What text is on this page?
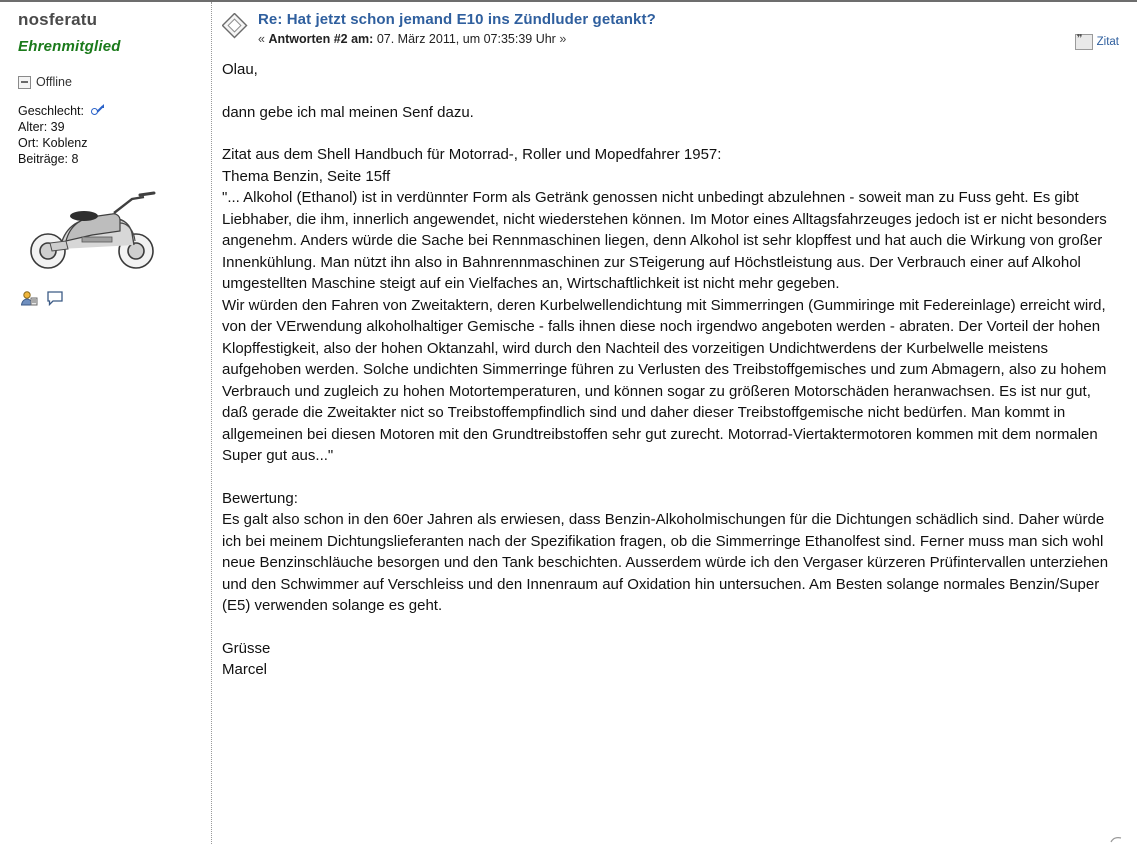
nosferatu
Ehrenmitglied
Offline
Geschlecht:
Alter: 39
Ort: Koblenz
Beiträge: 8
Re: Hat jetzt schon jemand E10 ins Zündluder getankt?
« Antworten #2 am: 07. März 2011, um 07:35:39 Uhr » ❞	Zitat

Olau,

dann gebe ich mal meinen Senf dazu.

Zitat aus dem Shell Handbuch für Motorrad-, Roller und Mopedfahrer 1957:

Thema Benzin, Seite 15ff

"... Alkohol (Ethanol) ist in verdünnter Form als Getränk genossen nicht unbedingt abzulehnen - soweit man zu Fuss geht. Es gibt Liebhaber, die ihm, innerlich angewendet, nicht wiederstehen können. Im Motor eines Alltagsfahrzeuges jedoch ist er nicht besonders angenehm. Anders würde die Sache bei Rennmaschinen liegen, denn Alkohol ist sehr klopffest und hat auch die Wirkung von großer Innenkühlung. Man nützt ihn also in Bahnrennmaschinen zur STeigerung auf Höchstleistung aus. Der Verbrauch einer auf Alkohol umgestellten Maschine steigt auf ein Vielfaches an, Wirtschaftlichkeit ist nicht mehr gegeben.

Wir würden den Fahren von Zweitaktern, deren Kurbelwellendichtung mit Simmerringen (Gummiringe mit Federeinlage) erreicht wird, von der VErwendung alkoholhaltiger Gemische - falls ihnen diese noch irgendwo angeboten werden - abraten. Der Vorteil der hohen Klopffestigkeit, also der hohen Oktanzahl, wird durch den Nachteil des vorzeitigen Undichtwerdens der Kurbelwelle meistens aufgehoben werden. Solche undichten Simmerringe führen zu Verlusten des Treibstoffgemisches und zum Abmagern, also zu hohem Verbrauch und zugleich zu hohen Motortemperaturen, und können sogar zu größeren Motorschäden heranwachsen. Es ist nur gut, daß gerade die Zweitakter nict so Treibstoffempfindlich sind und daher dieser Treibstoffgemische nicht bedürfen. Man kommt in allgemeinen bei diesen Motoren mit den Grundtreibstoffen sehr gut zurecht. Motorrad-Viertaktermotoren kommen mit dem normalen Super gut aus..."

Bewertung:

Es galt also schon in den 60er Jahren als erwiesen, dass Benzin-Alkoholmischungen für die Dichtungen schädlich sind. Daher würde ich bei meinem Dichtungslieferanten nach der Spezifikation fragen, ob die Simmerringe Ethanolfest sind. Ferner muss man sich wohl neue Benzinschläuche besorgen und den Tank beschichten. Ausserdem würde ich den Vergaser kürzeren Prüfintervallen unterziehen und den Schwimmer auf Verschleiss und den Innenraum auf Oxidation hin untersuchen. Am Besten solange normales Benzin/Super (E5) verwenden solange es geht.

Grüsse

Marcel
